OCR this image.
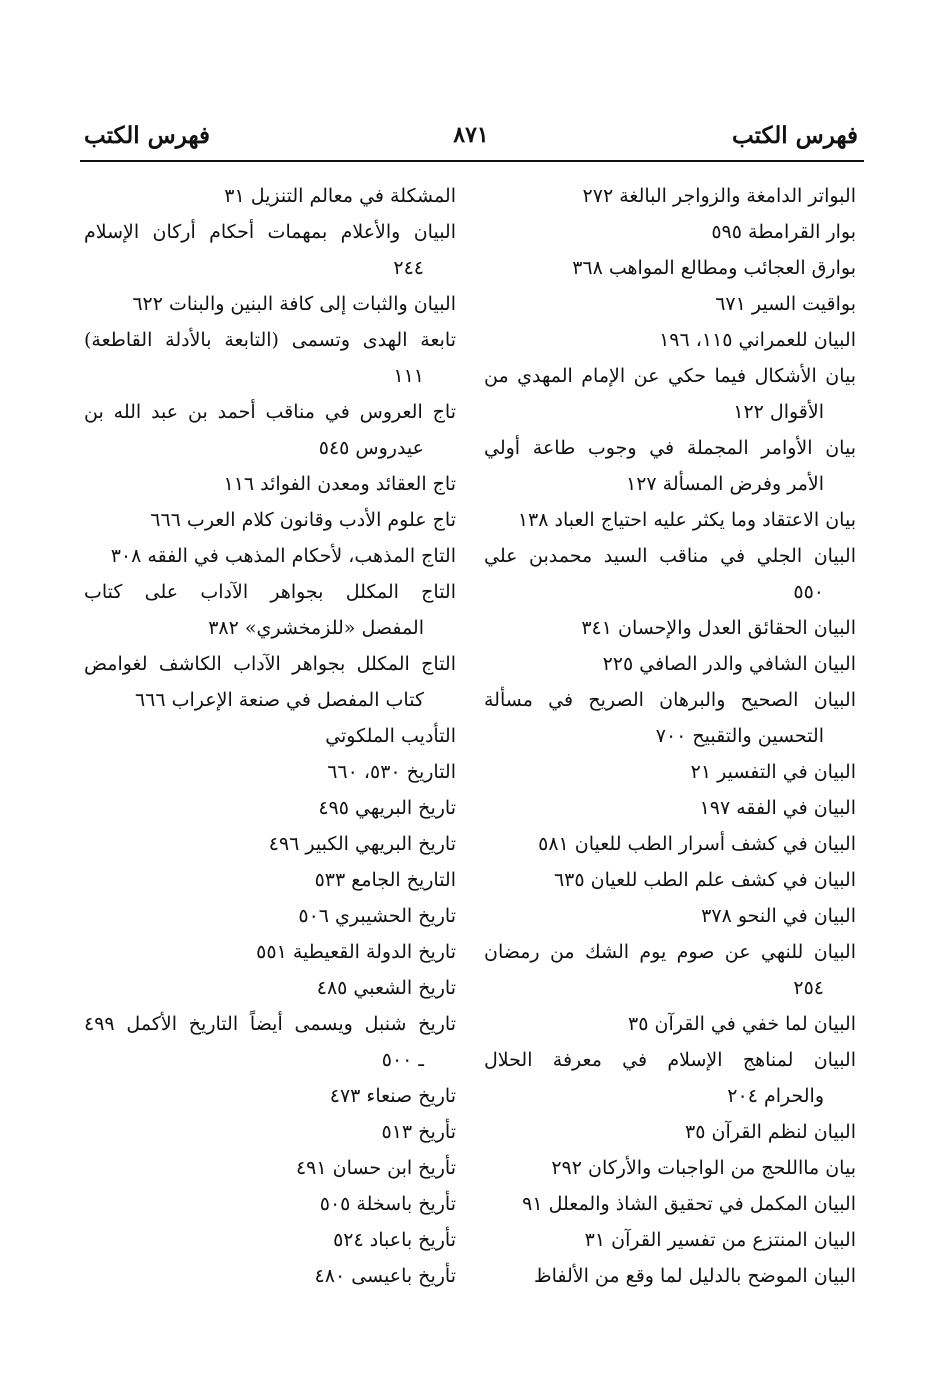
فهرس الكتب
٨٧١
فهرس الكتب
البواتر الدامغة والزواجر البالغة ٢٧٢
بوار القرامطة ٥٩٥
بوارق العجائب ومطالع المواهب ٣٦٨
بواقيت السير ٦٧١
البيان للعمراني ١١٥، ١٩٦
بيان الأشكال فيما حكي عن الإمام المهدي من
الأقوال ١٢٢
بيان الأوامر المجملة في وجوب طاعة أولي
الأمر وفرض المسألة ١٢٧
بيان الاعتقاد وما يكثر عليه احتياج العباد ١٣٨
البيان الجلي في مناقب السيد محمدبن علي
٥٥٠
البيان الحقائق العدل والإحسان ٣٤١
البيان الشافي والدر الصافي ٢٢٥
البيان الصحيح والبرهان الصريح في مسألة
التحسين والتقبيح ٧٠٠
البيان في التفسير ٢١
البيان في الفقه ١٩٧
البيان في كشف أسرار الطب للعيان ٥٨١
البيان في كشف علم الطب للعيان ٦٣٥
البيان في النحو ٣٧٨
البيان للنهي عن صوم يوم الشك من رمضان
٢٥٤
البيان لما خفي في القرآن ٣٥
البيان لمناهج الإسلام في معرفة الحلال
والحرام ٢٠٤
البيان لنظم القرآن ٣٥
بيان مااللحج من الواجبات والأركان ٢٩٢
البيان المكمل في تحقيق الشاذ والمعلل ٩١
البيان المنتزع من تفسير القرآن ٣١
البيان الموضح بالدليل لما وقع من الألفاظ
المشكلة في معالم التنزيل ٣١
البيان والأعلام بمهمات أحكام أركان الإسلام
٢٤٤
البيان والثبات إلى كافة البنين والبنات ٦٢٢
تابعة الهدى وتسمى (التابعة بالأدلة القاطعة)
١١١
تاج العروس في مناقب أحمد بن عبد الله بن
عيدروس ٥٤٥
تاج العقائد ومعدن الفوائد ١١٦
تاج علوم الأدب وقانون كلام العرب ٦٦٦
التاج المذهب، لأحكام المذهب في الفقه ٣٠٨
التاج المكلل بجواهر الآداب على كتاب
المفصل «للزمخشري» ٣٨٢
التاج المكلل بجواهر الآداب الكاشف لغوامض
كتاب المفصل في صنعة الإعراب ٦٦٦
التأديب الملكوتي
التاريخ ٥٣٠، ٦٦٠
تاريخ البريهي ٤٩٥
تاريخ البريهي الكبير ٤٩٦
التاريخ الجامع ٥٣٣
تاريخ الحشيبري ٥٠٦
تاريخ الدولة القعيطية ٥٥١
تاريخ الشعبي ٤٨٥
تاريخ شنبل ويسمى أيضاً التاريخ الأكمل ٤٩٩
ـ ٥٠٠
تاريخ صنعاء ٤٧٣
تأريخ ٥١٣
تأريخ ابن حسان ٤٩١
تأريخ باسخلة ٥٠٥
تأريخ باعباد ٥٢٤
تأريخ باعيسى ٤٨٠
